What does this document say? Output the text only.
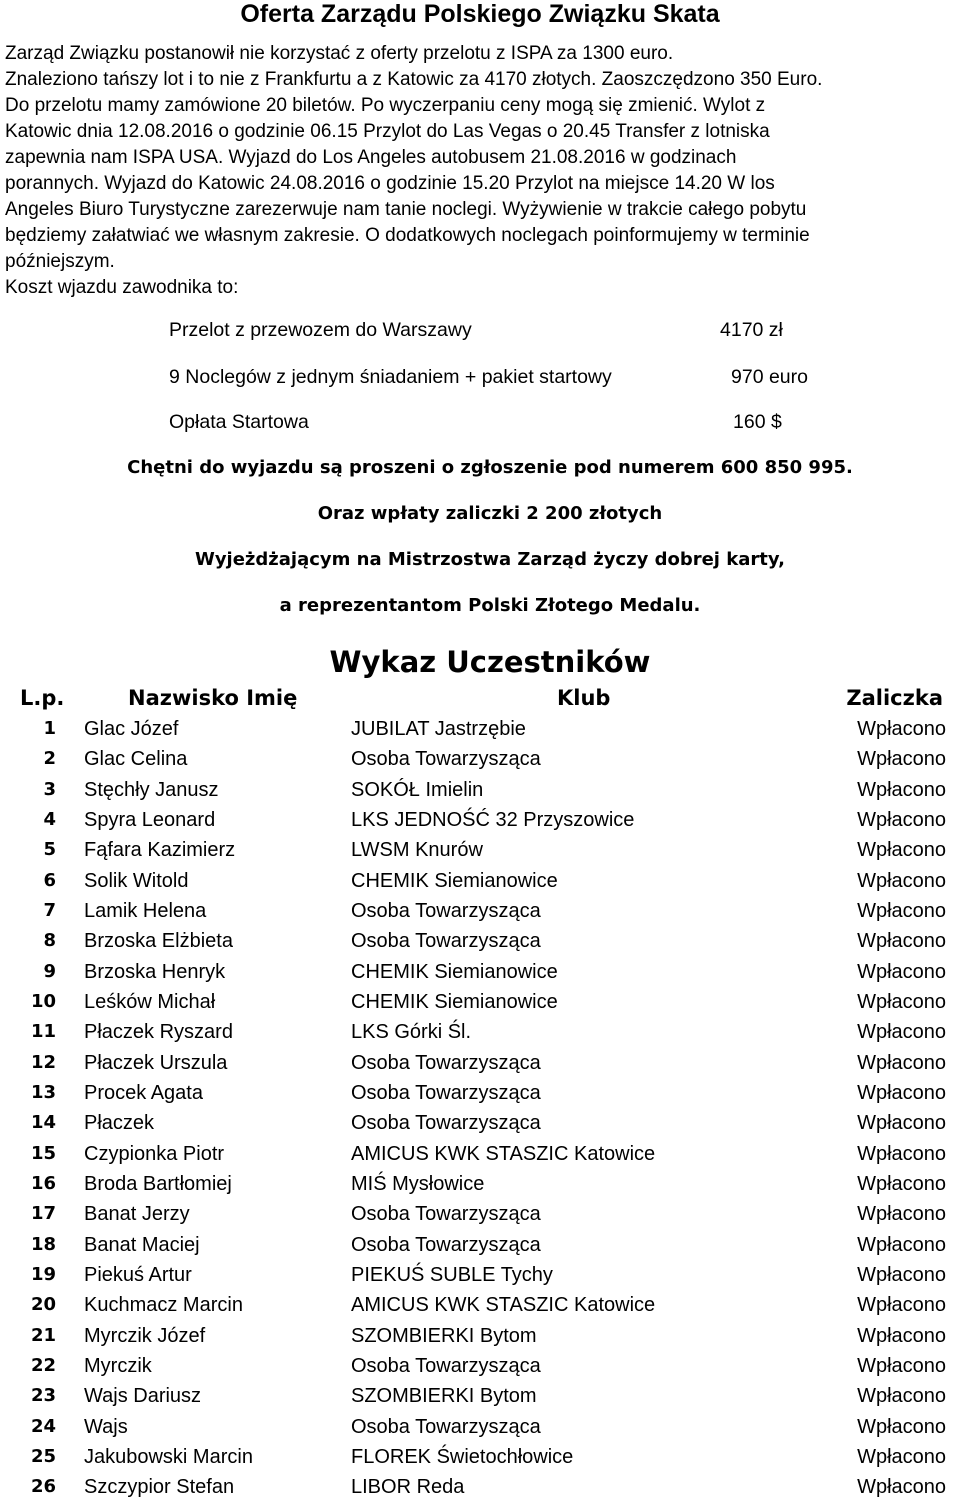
Oferta Zarządu Polskiego Związku Skata
Zarząd Związku postanowił nie korzystać z oferty przelotu z ISPA za 1300 euro.
Znaleziono tańszy lot i to nie z Frankfurtu a z Katowic za 4170 złotych. Zaoszczędzono 350 Euro.
Do przelotu mamy zamówione 20 biletów. Po wyczerpaniu ceny mogą się zmienić. Wylot z
Katowic dnia 12.08.2016 o godzinie 06.15 Przylot do Las Vegas o 20.45 Transfer z lotniska
zapewnia nam ISPA USA. Wyjazd do Los Angeles autobusem 21.08.2016 w godzinach
porannych. Wyjazd do Katowic 24.08.2016 o godzinie 15.20 Przylot na miejsce 14.20 W los
Angeles Biuro Turystyczne zarezerwuje nam tanie noclegi. Wyżywienie w trakcie całego pobytu
będziemy załatwiać we własnym zakresie. O dodatkowych noclegach poinformujemy w terminie
późniejszym.
Koszt wjazdu zawodnika to:
Przelot z przewozem do Warszawy	4170 zł
9 Noclegów z jednym śniadaniem + pakiet startowy	970 euro
Opłata Startowa	160 $
Chętni do wyjazdu są proszeni o zgłoszenie pod numerem 600 850 995.
Oraz wpłaty zaliczki 2 200 złotych
Wyjeżdżającym na Mistrzostwa Zarząd życzy dobrej karty,
a reprezentantom Polski Złotego Medalu.
Wykaz Uczestników
L.p.	Nazwisko Imię	Klub	Zaliczka
1 Glac Józef	JUBILAT Jastrzębie	Wpłacono
2 Glac Celina	Osoba Towarzysząca	Wpłacono
3 Stęchły Janusz	SOKÓŁ Imielin	Wpłacono
4 Spyra Leonard	LKS JEDNOŚĆ 32 Przyszowice	Wpłacono
5 Fąfara Kazimierz	LWSM Knurów	Wpłacono
6 Solik Witold	CHEMIK Siemianowice	Wpłacono
7 Lamik Helena	Osoba Towarzysząca	Wpłacono
8 Brzoska Elżbieta	Osoba Towarzysząca	Wpłacono
9 Brzoska Henryk	CHEMIK Siemianowice	Wpłacono
10 Leśków Michał	CHEMIK Siemianowice	Wpłacono
11 Płaczek Ryszard	LKS Górki Śl.	Wpłacono
12 Płaczek Urszula	Osoba Towarzysząca	Wpłacono
13 Procek Agata	Osoba Towarzysząca	Wpłacono
14 Płaczek	Osoba Towarzysząca	Wpłacono
15 Czypionka Piotr	AMICUS KWK STASZIC Katowice	Wpłacono
16 Broda Bartłomiej	MIŚ Mysłowice	Wpłacono
17 Banat Jerzy	Osoba Towarzysząca	Wpłacono
18 Banat Maciej	Osoba Towarzysząca	Wpłacono
19 Piekuś Artur	PIEKUŚ SUBLE Tychy	Wpłacono
20 Kuchmacz Marcin	AMICUS KWK STASZIC Katowice	Wpłacono
21 Myrczik Józef	SZOMBIERKI Bytom	Wpłacono
22 Myrczik	Osoba Towarzysząca	Wpłacono
23 Wajs Dariusz	SZOMBIERKI Bytom	Wpłacono
24 Wajs	Osoba Towarzysząca	Wpłacono
25 Jakubowski Marcin	FLOREK Świetochłowice	Wpłacono
26 Szczypior Stefan	LIBOR Reda	Wpłacono
